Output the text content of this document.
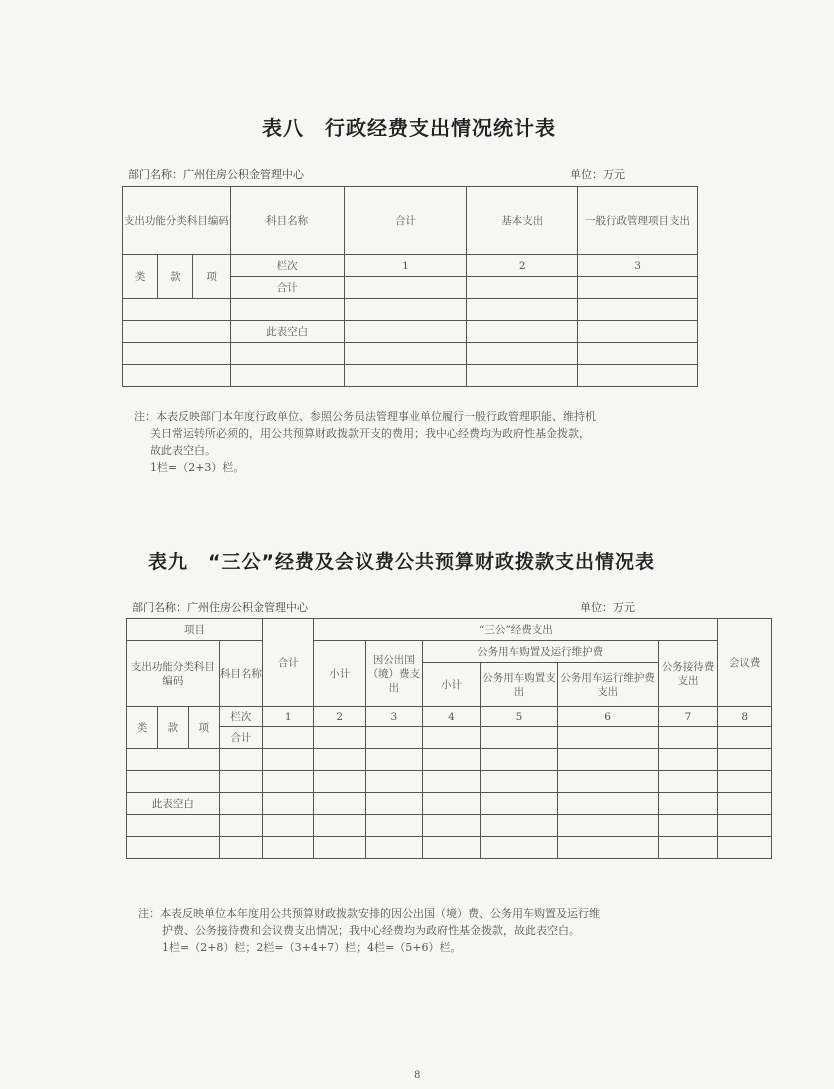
表八　行政经费支出情况统计表
部门名称：广州住房公积金管理中心	单位：万元
支出功能分类科目编码			科目名称	合计	基本支出	一般行政管理项目支出
类	款	项	栏次	1	2	3
			合计			

			此表空白			

注：本表反映部门本年度行政单位、参照公务员法管理事业单位履行一般行政管理职能、维持机
关日常运转所必须的，用公共预算财政拨款开支的费用；我中心经费均为政府性基金拨款，
故此表空白。
1栏=（2+3）栏。
表九　“三公”经费及会议费公共预算财政拨款支出情况表
部门名称：广州住房公积金管理中心	单位：万元
项目				合计	“三公”经费支出						会议费
支出功能分类科目编码			科目名称		小计	因公出国（境）费支出	公务用车购置及运行维护费			公务接待费支出	
							小计	公务用车购置支出	公务用车运行维护费支出		
类	款	项	栏次	1	2	3	4	5	6	7	8
			合计								

此表空白											

注：本表反映单位本年度用公共预算财政拨款安排的因公出国（境）费、公务用车购置及运行维
护费、公务接待费和会议费支出情况；我中心经费均为政府性基金拨款，故此表空白。
1栏=（2+8）栏；2栏=（3+4+7）栏；4栏=（5+6）栏。
8
